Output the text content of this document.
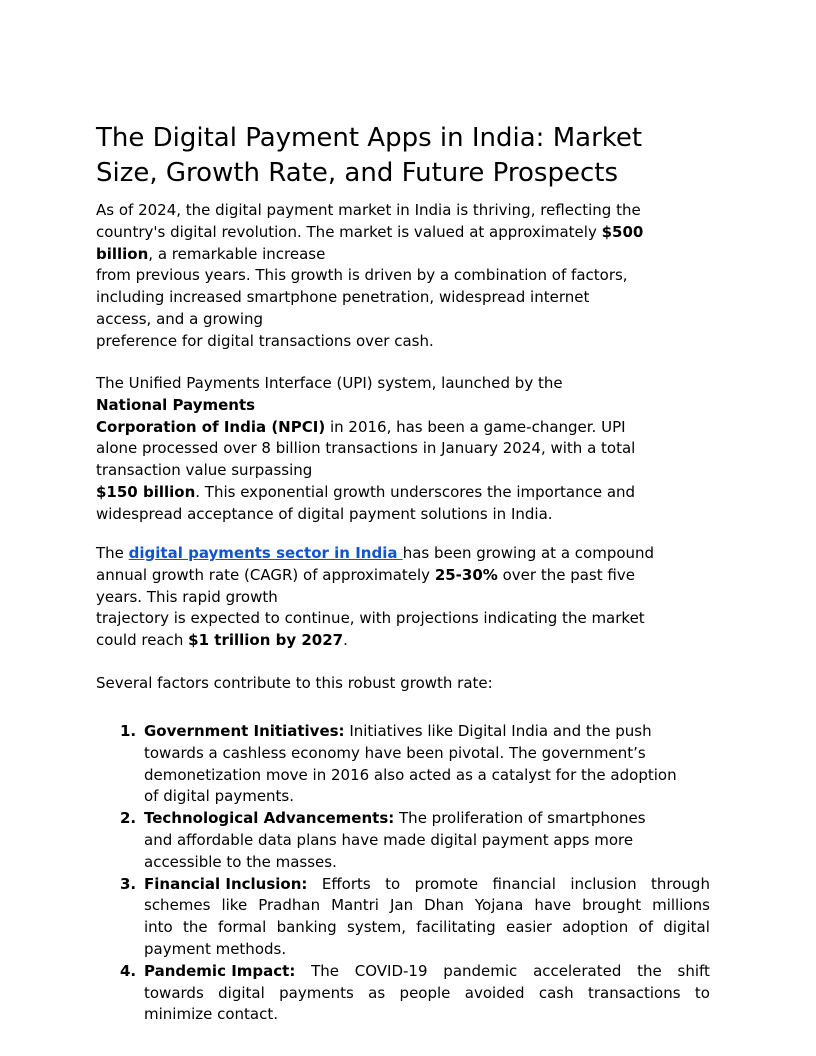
The Digital Payment Apps in India: Market
Size, Growth Rate, and Future Prospects

As of 2024, the digital payment market in India is thriving, reflecting the
country's digital revolution. The market is valued at approximately $500
billion, a remarkable increase
from previous years. This growth is driven by a combination of factors,
including increased smartphone penetration, widespread internet
access, and a growing
preference for digital transactions over cash.

The Unified Payments Interface (UPI) system, launched by the
National Payments
Corporation of India (NPCI) in 2016, has been a game-changer. UPI
alone processed over 8 billion transactions in January 2024, with a total
transaction value surpassing
$150 billion. This exponential growth underscores the importance and
widespread acceptance of digital payment solutions in India.

The digital payments sector in India has been growing at a compound
annual growth rate (CAGR) of approximately 25-30% over the past five
years. This rapid growth
trajectory is expected to continue, with projections indicating the market
could reach $1 trillion by 2027.

Several factors contribute to this robust growth rate:

1. Government Initiatives: Initiatives like Digital India and the push
towards a cashless economy have been pivotal. The government’s
demonetization move in 2016 also acted as a catalyst for the adoption
of digital payments.
2. Technological Advancements: The proliferation of smartphones
and affordable data plans have made digital payment apps more
accessible to the masses.
3. Financial Inclusion: Efforts to promote financial inclusion through
schemes like Pradhan Mantri Jan Dhan Yojana have brought millions
into the formal banking system, facilitating easier adoption of digital
payment methods.
4. Pandemic Impact: The COVID-19 pandemic accelerated the shift
towards digital payments as people avoided cash transactions to
minimize contact.
